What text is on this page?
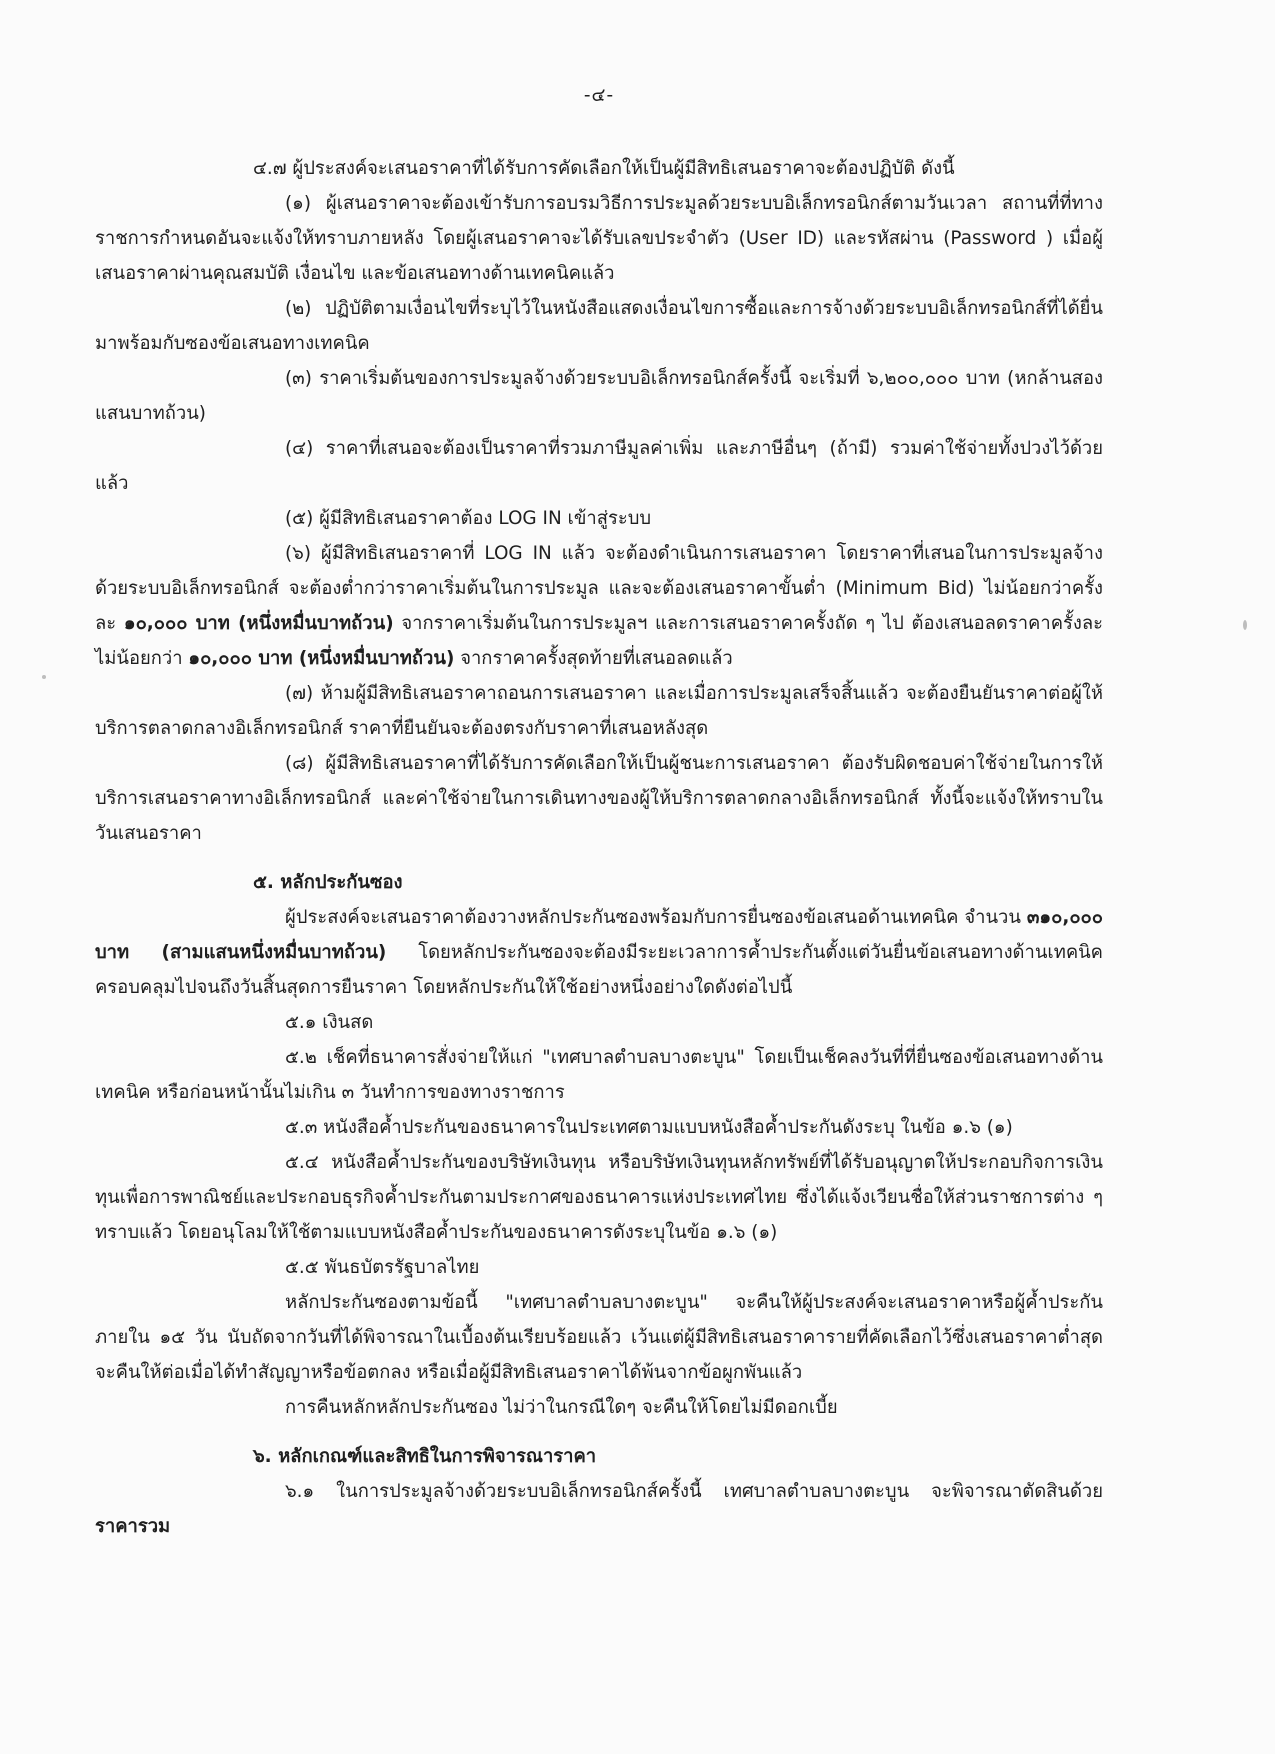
-๔-

๔.๗ ผู้ประสงค์จะเสนอราคาที่ได้รับการคัดเลือกให้เป็นผู้มีสิทธิเสนอราคาจะต้องปฏิบัติ ดังนี้

(๑) ผู้เสนอราคาจะต้องเข้ารับการอบรมวิธีการประมูลด้วยระบบอิเล็กทรอนิกส์ตามวันเวลา สถานที่ที่ทางราชการกำหนดอันจะแจ้งให้ทราบภายหลัง โดยผู้เสนอราคาจะได้รับเลขประจำตัว (User ID) และรหัสผ่าน (Password ) เมื่อผู้เสนอราคาผ่านคุณสมบัติ เงื่อนไข และข้อเสนอทางด้านเทคนิคแล้ว

(๒) ปฏิบัติตามเงื่อนไขที่ระบุไว้ในหนังสือแสดงเงื่อนไขการซื้อและการจ้างด้วยระบบอิเล็กทรอนิกส์ที่ได้ยื่นมาพร้อมกับซองข้อเสนอทางเทคนิค

(๓) ราคาเริ่มต้นของการประมูลจ้างด้วยระบบอิเล็กทรอนิกส์ครั้งนี้ จะเริ่มที่ ๖,๒๐๐,๐๐๐ บาท (หกล้านสองแสนบาทถ้วน)

(๔) ราคาที่เสนอจะต้องเป็นราคาที่รวมภาษีมูลค่าเพิ่ม และภาษีอื่นๆ (ถ้ามี) รวมค่าใช้จ่ายทั้งปวงไว้ด้วยแล้ว

(๕) ผู้มีสิทธิเสนอราคาต้อง LOG IN เข้าสู่ระบบ

(๖) ผู้มีสิทธิเสนอราคาที่ LOG IN แล้ว จะต้องดำเนินการเสนอราคา โดยราคาที่เสนอในการประมูลจ้างด้วยระบบอิเล็กทรอนิกส์ จะต้องต่ำกว่าราคาเริ่มต้นในการประมูล และจะต้องเสนอราคาขั้นต่ำ (Minimum Bid) ไม่น้อยกว่าครั้งละ ๑๐,๐๐๐ บาท (หนึ่งหมื่นบาทถ้วน) จากราคาเริ่มต้นในการประมูลฯ และการเสนอราคาครั้งถัด ๆ ไป ต้องเสนอลดราคาครั้งละไม่น้อยกว่า ๑๐,๐๐๐ บาท (หนึ่งหมื่นบาทถ้วน) จากราคาครั้งสุดท้ายที่เสนอลดแล้ว

(๗) ห้ามผู้มีสิทธิเสนอราคาถอนการเสนอราคา และเมื่อการประมูลเสร็จสิ้นแล้ว จะต้องยืนยันราคาต่อผู้ให้บริการตลาดกลางอิเล็กทรอนิกส์ ราคาที่ยืนยันจะต้องตรงกับราคาที่เสนอหลังสุด

(๘) ผู้มีสิทธิเสนอราคาที่ได้รับการคัดเลือกให้เป็นผู้ชนะการเสนอราคา ต้องรับผิดชอบค่าใช้จ่ายในการให้บริการเสนอราคาทางอิเล็กทรอนิกส์ และค่าใช้จ่ายในการเดินทางของผู้ให้บริการตลาดกลางอิเล็กทรอนิกส์ ทั้งนี้จะแจ้งให้ทราบในวันเสนอราคา

๕. หลักประกันซอง

ผู้ประสงค์จะเสนอราคาต้องวางหลักประกันซองพร้อมกับการยื่นซองข้อเสนอด้านเทคนิค จำนวน ๓๑๐,๐๐๐ บาท (สามแสนหนึ่งหมื่นบาทถ้วน) โดยหลักประกันซองจะต้องมีระยะเวลาการค้ำประกันตั้งแต่วันยื่นข้อเสนอทางด้านเทคนิค ครอบคลุมไปจนถึงวันสิ้นสุดการยืนราคา โดยหลักประกันให้ใช้อย่างหนึ่งอย่างใดดังต่อไปนี้

๕.๑ เงินสด

๕.๒ เช็คที่ธนาคารสั่งจ่ายให้แก่ "เทศบาลตำบลบางตะบูน" โดยเป็นเช็คลงวันที่ที่ยื่นซองข้อเสนอทางด้านเทคนิค หรือก่อนหน้านั้นไม่เกิน ๓ วันทำการของทางราชการ

๕.๓ หนังสือค้ำประกันของธนาคารในประเทศตามแบบหนังสือค้ำประกันดังระบุ ในข้อ ๑.๖ (๑)

๕.๔ หนังสือค้ำประกันของบริษัทเงินทุน หรือบริษัทเงินทุนหลักทรัพย์ที่ได้รับอนุญาตให้ประกอบกิจการเงินทุนเพื่อการพาณิชย์และประกอบธุรกิจค้ำประกันตามประกาศของธนาคารแห่งประเทศไทย ซึ่งได้แจ้งเวียนชื่อให้ส่วนราชการต่าง ๆ ทราบแล้ว โดยอนุโลมให้ใช้ตามแบบหนังสือค้ำประกันของธนาคารดังระบุในข้อ ๑.๖ (๑)

๕.๕ พันธบัตรรัฐบาลไทย

หลักประกันซองตามข้อนี้ "เทศบาลตำบลบางตะบูน" จะคืนให้ผู้ประสงค์จะเสนอราคาหรือผู้ค้ำประกันภายใน ๑๕ วัน นับถัดจากวันที่ได้พิจารณาในเบื้องต้นเรียบร้อยแล้ว เว้นแต่ผู้มีสิทธิเสนอราคารายที่คัดเลือกไว้ซึ่งเสนอราคาต่ำสุด จะคืนให้ต่อเมื่อได้ทำสัญญาหรือข้อตกลง หรือเมื่อผู้มีสิทธิเสนอราคาได้พ้นจากข้อผูกพันแล้ว

การคืนหลักหลักประกันซอง ไม่ว่าในกรณีใดๆ จะคืนให้โดยไม่มีดอกเบี้ย

๖. หลักเกณฑ์และสิทธิในการพิจารณาราคา

๖.๑ ในการประมูลจ้างด้วยระบบอิเล็กทรอนิกส์ครั้งนี้ เทศบาลตำบลบางตะบูน จะพิจารณาตัดสินด้วย ราคารวม
